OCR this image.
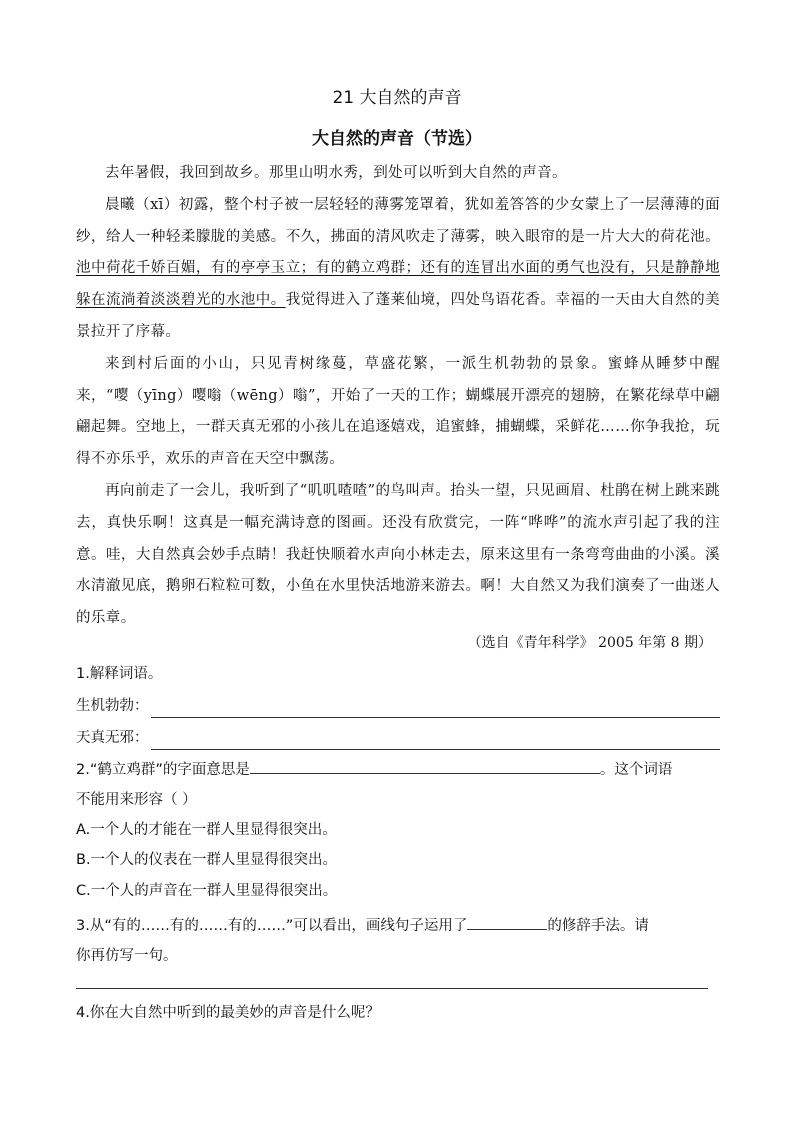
21 大自然的声音
大自然的声音（节选）

去年暑假，我回到故乡。那里山明水秀，到处可以听到大自然的声音。

晨曦（xī）初露，整个村子被一层轻轻的薄雾笼罩着，犹如羞答答的少女蒙上了一层薄薄的面纱，给人一种轻柔朦胧的美感。不久，拂面的清风吹走了薄雾，映入眼帘的是一片大大的荷花池。池中荷花千娇百媚，有的亭亭玉立；有的鹤立鸡群；还有的连冒出水面的勇气也没有，只是静静地躲在流淌着淡淡碧光的水池中。我觉得进入了蓬莱仙境，四处鸟语花香。幸福的一天由大自然的美景拉开了序幕。

来到村后面的小山，只见青树缘蔓，草盛花繁，一派生机勃勃的景象。蜜蜂从睡梦中醒来，“嘤（yīng）嘤嗡（wēng）嗡”，开始了一天的工作；蝴蝶展开漂亮的翅膀，在繁花绿草中翩翩起舞。空地上，一群天真无邪的小孩儿在追逐嬉戏，追蜜蜂，捕蝴蝶，采鲜花……你争我抢，玩得不亦乐乎，欢乐的声音在天空中飘荡。

再向前走了一会儿，我听到了“叽叽喳喳”的鸟叫声。抬头一望，只见画眉、杜鹃在树上跳来跳去，真快乐啊！这真是一幅充满诗意的图画。还没有欣赏完，一阵“哗哗”的流水声引起了我的注意。哇，大自然真会妙手点睛！我赶快顺着水声向小林走去，原来这里有一条弯弯曲曲的小溪。溪水清澈见底，鹅卵石粒粒可数，小鱼在水里快活地游来游去。啊！大自然又为我们演奏了一曲迷人的乐章。

（选自《青年科学》 2005 年第 8 期）
1.解释词语。
生机勃勃：
天真无邪：
2.“鹤立鸡群”的字面意思是	。这个词语
不能用来形容（ ）
A.一个人的才能在一群人里显得很突出。
B.一个人的仪表在一群人里显得很突出。
C.一个人的声音在一群人里显得很突出。
3.从“有的……有的……有的……”可以看出，画线句子运用了	的修辞手法。请
你再仿写一句。
4.你在大自然中听到的最美妙的声音是什么呢？
